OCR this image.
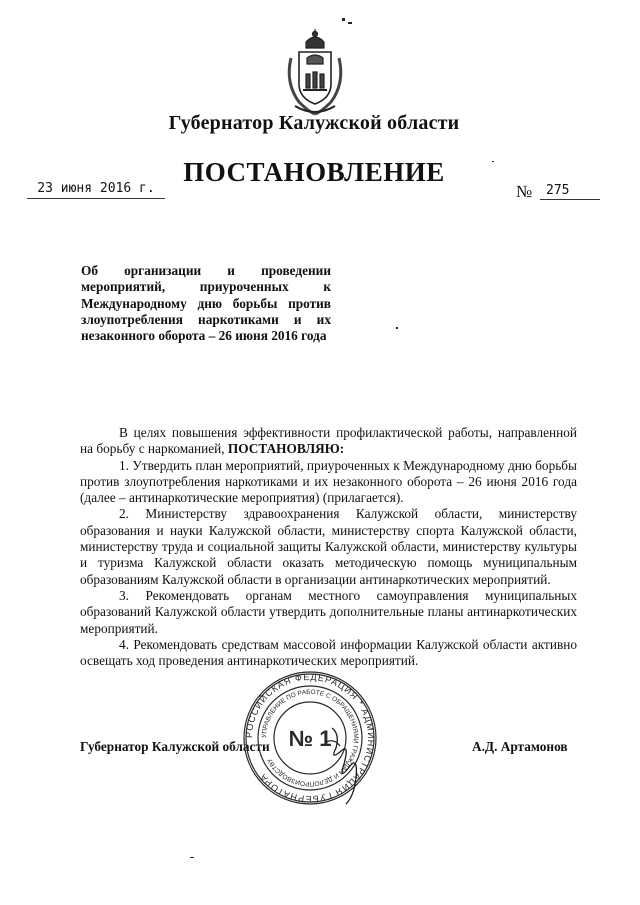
Губернатор Калужской области
ПОСТАНОВЛЕНИЕ
23 июня 2016 г.	№	275
Об организации и проведении мероприятий, приуроченных к Международному дню борьбы против злоупотребления наркотиками и их незаконного оборота – 26 июня 2016 года

В целях повышения эффективности профилактической работы, направленной на борьбу с наркоманией, ПОСТАНОВЛЯЮ:

1. Утвердить план мероприятий, приуроченных к Международному дню борьбы против злоупотребления наркотиками и их незаконного оборота – 26 июня 2016 года (далее – антинаркотические мероприятия) (прилагается).

2. Министерству здравоохранения Калужской области, министерству образования и науки Калужской области, министерству спорта Калужской области, министерству труда и социальной защиты Калужской области, министерству культуры и туризма Калужской области оказать методическую помощь муниципальным образованиям Калужской области в организации антинаркотических мероприятий.

3. Рекомендовать органам местного самоуправления муниципальных образований Калужской области утвердить дополнительные планы антинаркотических мероприятий.

4. Рекомендовать средствам массовой информации Калужской области активно освещать ход проведения антинаркотических мероприятий.

Губернатор Калужской области	А.Д. Артамонов
РОССИЙСКАЯ ФЕДЕРАЦИЯ * АДМИНИСТРАЦИЯ ГУБЕРНАТОРА
УПРАВЛЕНИЕ ПО РАБОТЕ С ОБРАЩЕНИЯМИ ГРАЖДАН И ДЕЛОПРОИЗВОДСТВУ
№ 1
